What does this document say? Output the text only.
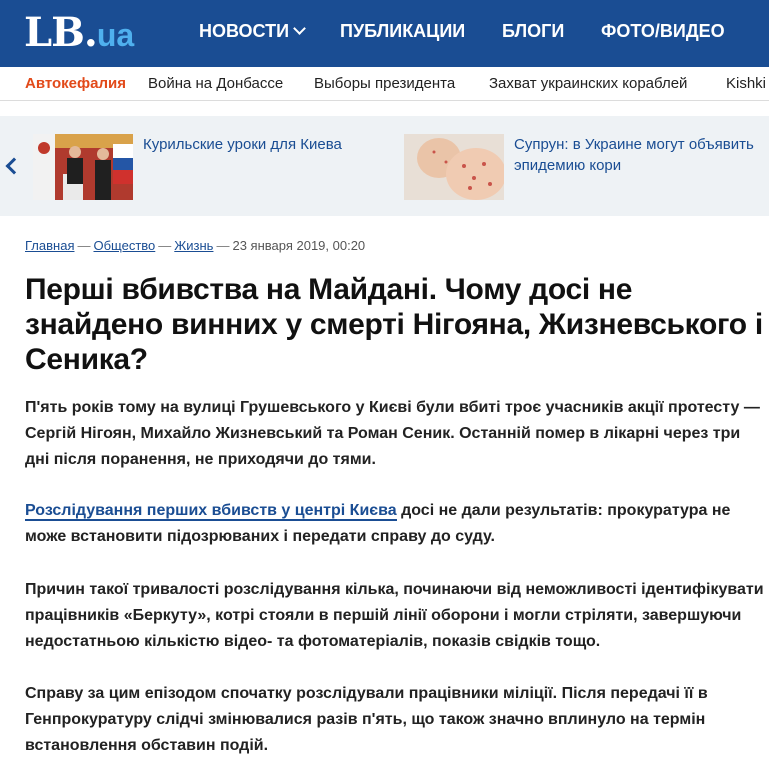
LB.ua	НОВОСТИ	ПУБЛИКАЦИИ БЛОГИ ФОТО/ВИДЕО
Автокефалия Война на Донбассе Выборы президента Захват украинских кораблей	Kishki
Курильские уроки для Киева	Супрун: в Украине могут объявить эпидемию кори
Главная — Общество — Жизнь — 23 января 2019, 00:20
Перші вбивства на Майдані. Чому досі не знайдено винних у смерті Нігояна, Жизневського і Сеника?

П'ять років тому на вулиці Грушевського у Києві були вбиті троє учасників акції протесту — Сергій Нігоян, Михайло Жизневський та Роман Сеник. Останній помер в лікарні через три дні після поранення, не приходячи до тями.

Розслідування перших вбивств у центрі Києва досі не дали результатів: прокуратура не може встановити підозрюваних і передати справу до суду.

Причин такої тривалості розслідування кілька, починаючи від неможливості ідентифікувати працівників «Беркуту», котрі стояли в першій лінії оборони і могли стріляти, завершуючи недостатньою кількістю відео- та фотоматеріалів, показів свідків тощо.

Справу за цим епізодом спочатку розслідували працівники міліції. Після передачі її в Генпрокуратуру слідчі змінювалися разів п'ять, що також значно вплинуло на термін встановлення обставин подій.
